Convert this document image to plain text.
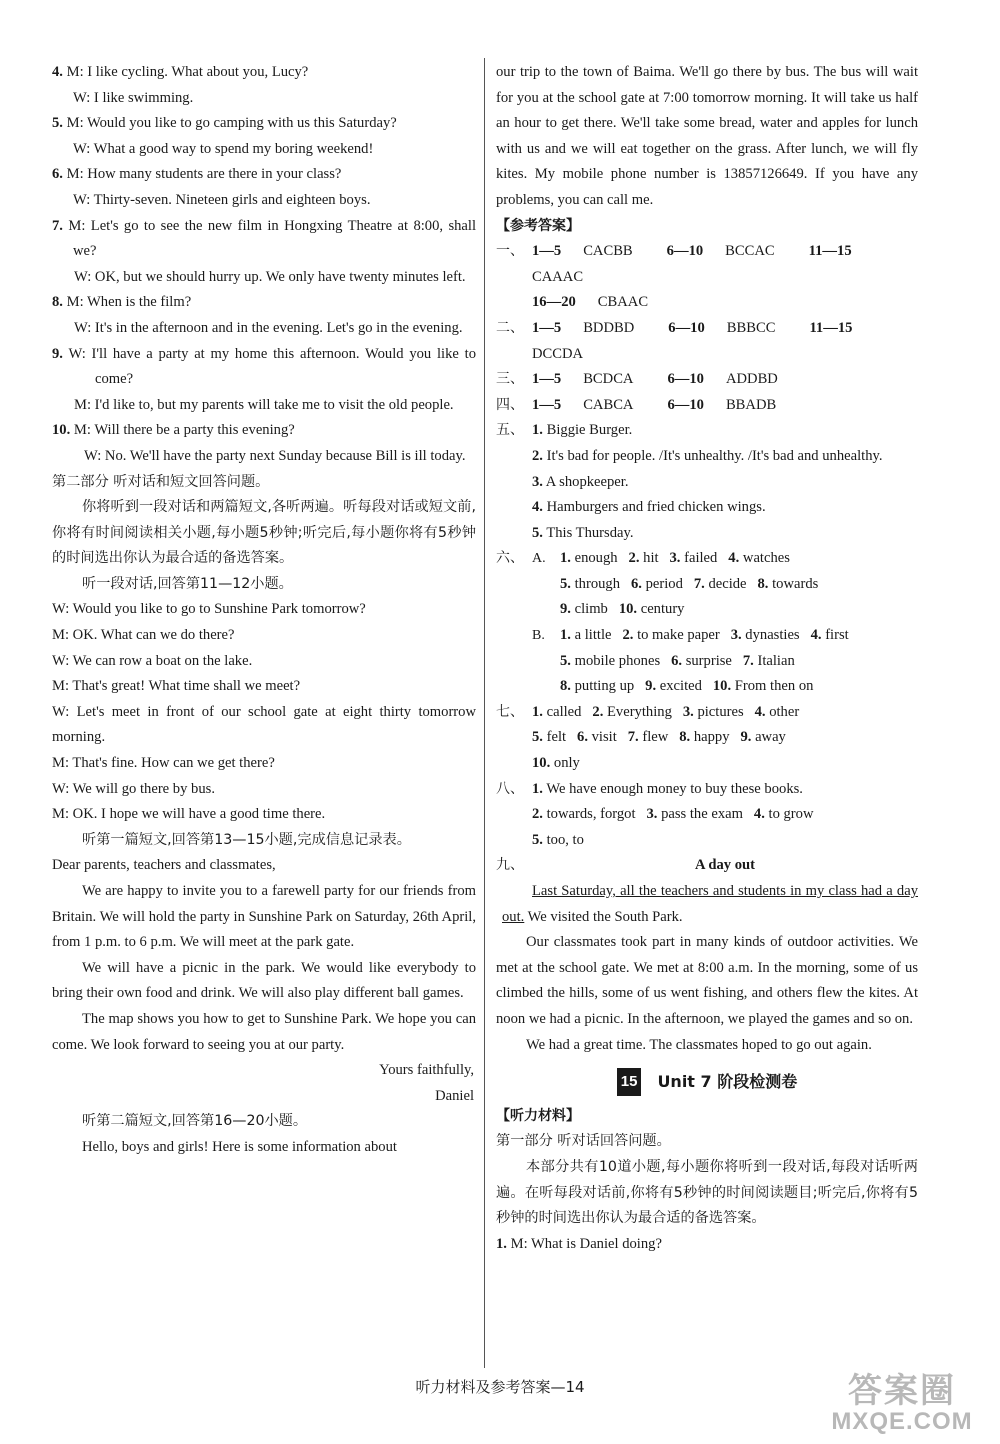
4. M: I like cycling. What about you, Lucy?

W: I like swimming.

5. M: Would you like to go camping with us this Saturday?

W: What a good way to spend my boring weekend!

6. M: How many students are there in your class?

W: Thirty-seven. Nineteen girls and eighteen boys.

7. M: Let's go to see the new film in Hongxing Theatre at 8:00, shall we?

W: OK, but we should hurry up. We only have twenty minutes left.

8. M: When is the film?

W: It's in the afternoon and in the evening. Let's go in the evening.

9. W: I'll have a party at my home this afternoon. Would you like to come?

M: I'd like to, but my parents will take me to visit the old people.

10. M: Will there be a party this evening?

W: No. We'll have the party next Sunday because Bill is ill today.

第二部分 听对话和短文回答问题。

你将听到一段对话和两篇短文,各听两遍。听每段对话或短文前,你将有时间阅读相关小题,每小题5秒钟;听完后,每小题你将有5秒钟的时间选出你认为最合适的备选答案。

听一段对话,回答第11—12小题。

W: Would you like to go to Sunshine Park tomorrow?

M: OK. What can we do there?

W: We can row a boat on the lake.

M: That's great! What time shall we meet?

W: Let's meet in front of our school gate at eight thirty tomorrow morning.

M: That's fine. How can we get there?

W: We will go there by bus.

M: OK. I hope we will have a good time there.

听第一篇短文,回答第13—15小题,完成信息记录表。

Dear parents, teachers and classmates,

We are happy to invite you to a farewell party for our friends from Britain. We will hold the party in Sunshine Park on Saturday, 26th April, from 1 p.m. to 6 p.m. We will meet at the park gate.

We will have a picnic in the park. We would like everybody to bring their own food and drink. We will also play different ball games.

The map shows you how to get to Sunshine Park. We hope you can come. We look forward to seeing you at our party.

Yours faithfully,

Daniel

听第二篇短文,回答第16—20小题。

Hello, boys and girls! Here is some information about

our trip to the town of Baima. We'll go there by bus. The bus will wait for you at the school gate at 7:00 tomorrow morning. It will take us half an hour to get there. We'll take some bread, water and apples for lunch with us and we will eat together on the grass. After lunch, we will fly kites. My mobile phone number is 13857126649. If you have any problems, you can call me.

【参考答案】

一、 1—5 CACBB 6—10 BCCAC 11—15CAAAC
16—20 CBAAC
二、 1—5 BDDBD 6—10 BBBCC 11—15DCCDA
三、 1—5 BCDCA 6—10 ADDBD
四、 1—5 CABCA 6—10 BBADB
五、 1. Biggie Burger.

2. It's bad for people. /It's unhealthy. /It's bad and unhealthy.

3. A shopkeeper.

4. Hamburgers and fried chicken wings.

5. This Thursday.

六、 A. 1. enough 2. hit 3. failed 4. watches
5. through 6. period 7. decide 8. towards
9. climb 10. century
B.	1. a little 2. to make paper 3. dynasties 4. first
5. mobile phones 6. surprise 7. Italian
8. putting up 9. excited 10. From then on
七、 1. called 2. Everything 3. pictures 4. other
5. felt 6. visit 7. flew 8. happy 9. away
10. only
八、 1. We have enough money to buy these books.
2. towards, forgot 3. pass the exam 4. to grow
5. too, to
九、	A day out

Last Saturday, all the teachers and students in my class had a day out. We visited the South Park.

Our classmates took part in many kinds of outdoor activities. We met at the school gate. We met at 8:00 a.m. In the morning, some of us climbed the hills, some of us went fishing, and others flew the kites. At noon we had a picnic. In the afternoon, we played the games and so on.

We had a great time. The classmates hoped to go out again.

15 Unit 7 阶段检测卷

【听力材料】

第一部分 听对话回答问题。

本部分共有10道小题,每小题你将听到一段对话,每段对话听两遍。在听每段对话前,你将有5秒钟的时间阅读题目;听完后,你将有5秒钟的时间选出你认为最合适的备选答案。

1. M: What is Daniel doing?

听力材料及参考答案—14	答案圈
MXQE.COM
